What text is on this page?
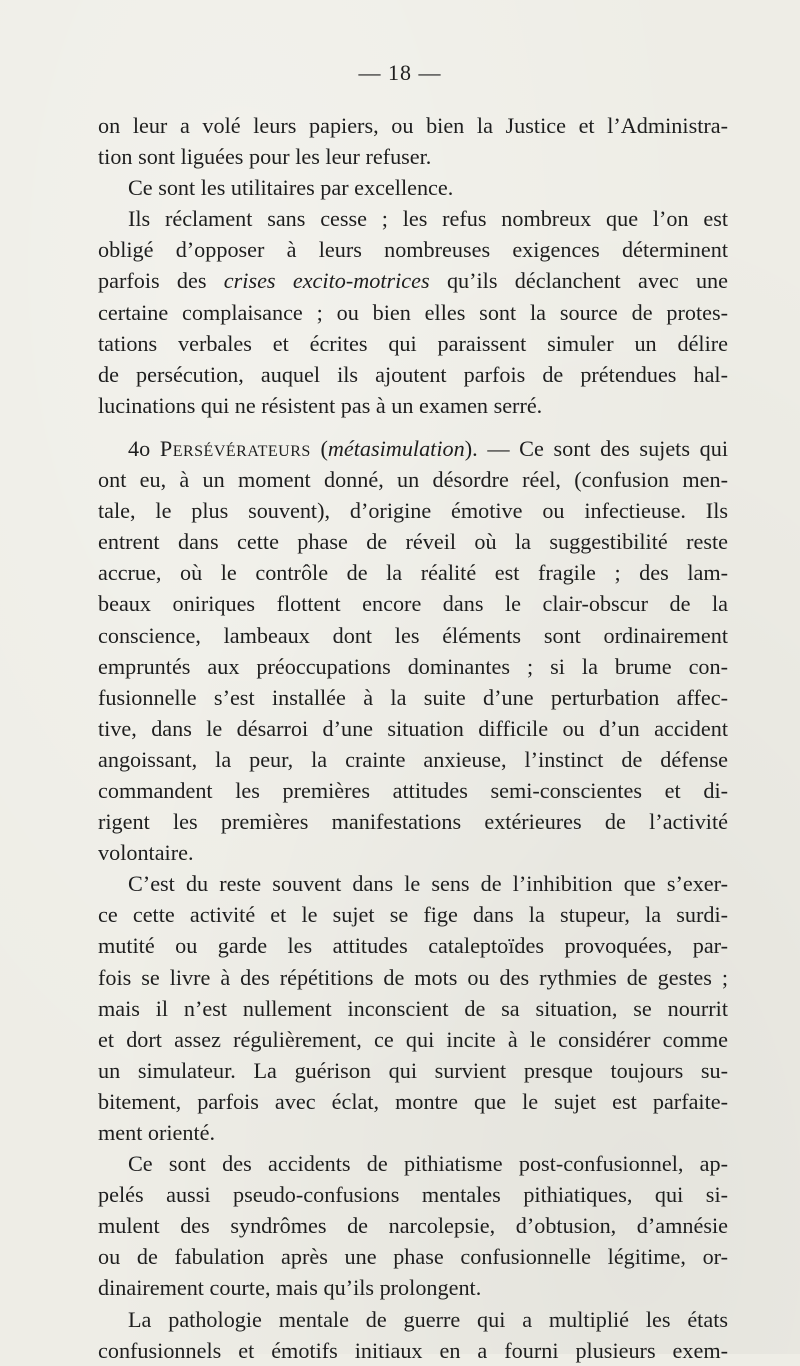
— 18 —
on leur a volé leurs papiers, ou bien la Justice et l’Administra-
tion sont liguées pour les leur refuser.
Ce sont les utilitaires par excellence.
Ils réclament sans cesse ; les refus nombreux que l’on est
obligé d’opposer à leurs nombreuses exigences déterminent
parfois des crises excito-motrices qu’ils déclanchent avec une
certaine complaisance ; ou bien elles sont la source de protes-
tations verbales et écrites qui paraissent simuler un délire
de persécution, auquel ils ajoutent parfois de prétendues hal-
lucinations qui ne résistent pas à un examen serré.
4o Persévérateurs (métasimulation). — Ce sont des sujets qui
ont eu, à un moment donné, un désordre réel, (confusion men-
tale, le plus souvent), d’origine émotive ou infectieuse. Ils
entrent dans cette phase de réveil où la suggestibilité reste
accrue, où le contrôle de la réalité est fragile ; des lam-
beaux oniriques flottent encore dans le clair-obscur de la
conscience, lambeaux dont les éléments sont ordinairement
empruntés aux préoccupations dominantes ; si la brume con-
fusionnelle s’est installée à la suite d’une perturbation affec-
tive, dans le désarroi d’une situation difficile ou d’un accident
angoissant, la peur, la crainte anxieuse, l’instinct de défense
commandent les premières attitudes semi-conscientes et di-
rigent les premières manifestations extérieures de l’activité
volontaire.
C’est du reste souvent dans le sens de l’inhibition que s’exer-
ce cette activité et le sujet se fige dans la stupeur, la surdi-
mutité ou garde les attitudes cataleptoïdes provoquées, par-
fois se livre à des répétitions de mots ou des rythmies de gestes ;
mais il n’est nullement inconscient de sa situation, se nourrit
et dort assez régulièrement, ce qui incite à le considérer comme
un simulateur. La guérison qui survient presque toujours su-
bitement, parfois avec éclat, montre que le sujet est parfaite-
ment orienté.
Ce sont des accidents de pithiatisme post-confusionnel, ap-
pelés aussi pseudo-confusions mentales pithiatiques, qui si-
mulent des syndrômes de narcolepsie, d’obtusion, d’amnésie
ou de fabulation après une phase confusionnelle légitime, or-
dinairement courte, mais qu’ils prolongent.
La pathologie mentale de guerre qui a multiplié les états
confusionnels et émotifs initiaux en a fourni plusieurs exem-
